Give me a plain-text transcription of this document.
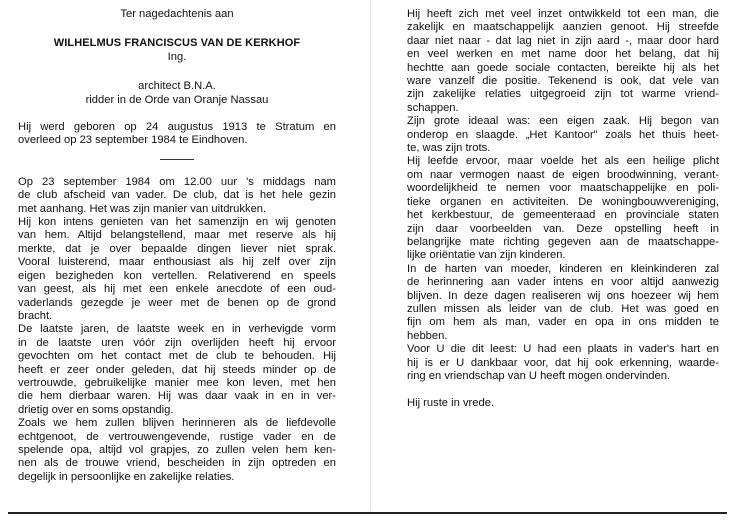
Ter nagedachtenis aan
WILHELMUS FRANCISCUS VAN DE KERKHOF
Ing.
architect B.N.A.
ridder in de Orde van Oranje Nassau
Hij werd geboren op 24 augustus 1913 te Stratum en
overleed op 23 september 1984 te Eindhoven.
Op 23 september 1984 om 12.00 uur 's middags nam
de club afscheid van vader. De club, dat is het hele gezin
met aanhang. Het was zijn manier van uitdrukken.
Hij kon intens genieten van het samenzijn en wij genoten
van hem. Altijd belangstellend, maar met reserve als hij
merkte, dat je over bepaalde dingen liever niet sprak.
Vooral luisterend, maar enthousiast als hij zelf over zijn
eigen bezigheden kon vertellen. Relativerend en speels
van geest, als hij met een enkele anecdote of een oud-
vaderlands gezegde je weer met de benen op de grond
bracht.
De laatste jaren, de laatste week en in verhevigde vorm
in de laatste uren vóór zijn overlijden heeft hij ervoor
gevochten om het contact met de club te behouden. Hij
heeft er zeer onder geleden, dat hij steeds minder op de
vertrouwde, gebruikelijke manier mee kon leven, met hen
die hem dierbaar waren. Hij was daar vaak in en in ver-
drietig over en soms opstandig.
Zoals we hem zullen blijven herinneren als de liefdevolle
echtgenoot, de vertrouwengevende, rustige vader en de
spelende opa, altijd vol grapjes, zo zullen velen hem ken-
nen als de trouwe vriend, bescheiden in zijn optreden en
degelijk in persoonlijke en zakelijke relaties.
Hij heeft zich met veel inzet ontwikkeld tot een man, die
zakelijk en maatschappelijk aanzien genoot. Hij streefde
daar niet naar - dat lag niet in zijn aard -, maar door hard
en veel werken en met name door het belang, dat hij
hechtte aan goede sociale contacten, bereikte hij als het
ware vanzelf die positie. Tekenend is ook, dat vele van
zijn zakelijke relaties uitgegroeid zijn tot warme vriend-
schappen.
Zijn grote ideaal was: een eigen zaak. Hij begon van
onderop en slaagde. „Het Kantoor" zoals het thuis heet-
te, was zijn trots.
Hij leefde ervoor, maar voelde het als een heilige plicht
om naar vermogen naast de eigen broodwinning, verant-
woordelijkheid te nemen voor maatschappelijke en poli-
tieke organen en activiteiten. De woningbouwvereniging,
het kerkbestuur, de gemeenteraad en provinciale staten
zijn daar voorbeelden van. Deze opstelling heeft in
belangrijke mate richting gegeven aan de maatschappe-
lijke oriëntatie van zijn kinderen.
In de harten van moeder, kinderen en kleinkinderen zal
de herinnering aan vader intens en voor altijd aanwezig
blijven. In deze dagen realiseren wij ons hoezeer wij hem
zullen missen als leider van de club. Het was goed en
fijn om hem als man, vader en opa in ons midden te
hebben.
Voor U die dit leest: U had een plaats in vader's hart en
hij is er U dankbaar voor, dat hij ook erkenning, waarde-
ring en vriendschap van U heeft mogen ondervinden.
Hij ruste in vrede.
